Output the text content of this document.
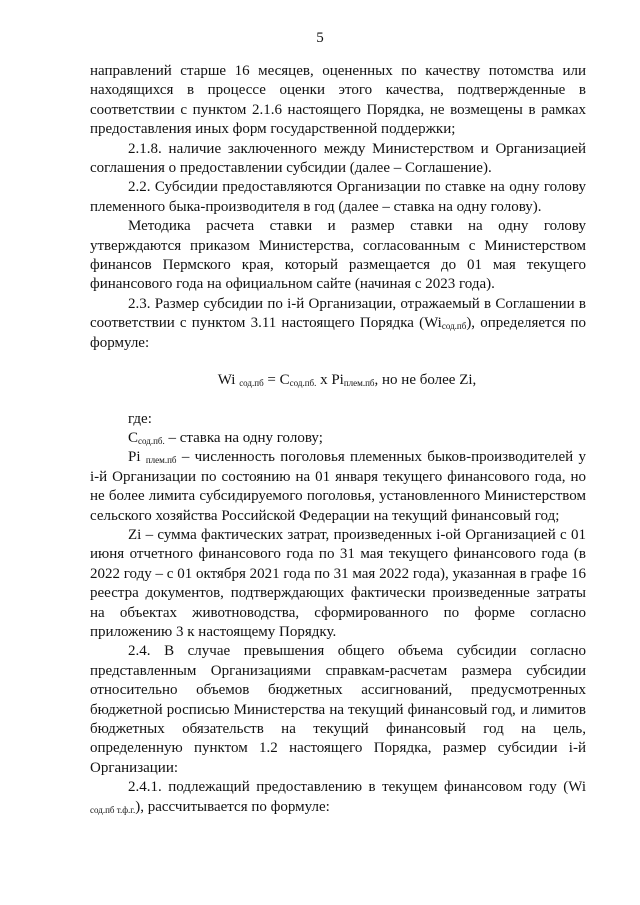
5

направлений старше 16 месяцев, оцененных по качеству потомства или находящихся в процессе оценки этого качества, подтвержденные в соответствии с пунктом 2.1.6 настоящего Порядка, не возмещены в рамках предоставления иных форм государственной поддержки;

2.1.8. наличие заключенного между Министерством и Организацией соглашения о предоставлении субсидии (далее – Соглашение).

2.2. Субсидии предоставляются Организации по ставке на одну голову племенного быка-производителя в год (далее – ставка на одну голову).

Методика расчета ставки и размер ставки на одну голову утверждаются приказом Министерства, согласованным с Министерством финансов Пермского края, который размещается до 01 мая текущего финансового года на официальном сайте (начиная с 2023 года).

2.3. Размер субсидии по i-й Организации, отражаемый в Соглашении в соответствии с пунктом 3.11 настоящего Порядка $(Wi_{сод.пб})$, определяется по формуле:

Wi $_{сод.пб} = C_{сод.пб.}$ х $Pi_{плем.пб}$, но не более Zi,

где:

$C_{сод.пб.}$ – ставка на одну голову;

Pi $_{плем.пб}$ – численность поголовья племенных быков-производителей у i-й Организации по состоянию на 01 января текущего финансового года, но не более лимита субсидируемого поголовья, установленного Министерством сельского хозяйства Российской Федерации на текущий финансовый год;

Zi – сумма фактических затрат, произведенных i-ой Организацией с 01 июня отчетного финансового года по 31 мая текущего финансового года (в 2022 году – с 01 октября 2021 года по 31 мая 2022 года), указанная в графе 16 реестра документов, подтверждающих фактически произведенные затраты на объектах животноводства, сформированного по форме согласно приложению 3 к настоящему Порядку.

2.4. В случае превышения общего объема субсидии согласно представленным Организациями справкам-расчетам размера субсидии относительно объемов бюджетных ассигнований, предусмотренных бюджетной росписью Министерства на текущий финансовый год, и лимитов бюджетных обязательств на текущий финансовый год на цель, определенную пунктом 1.2 настоящего Порядка, размер субсидии i-й Организации:

2.4.1. подлежащий предоставлению в текущем финансовом году (Wi $_{сод.пб т.ф.г.}$), рассчитывается по формуле:
